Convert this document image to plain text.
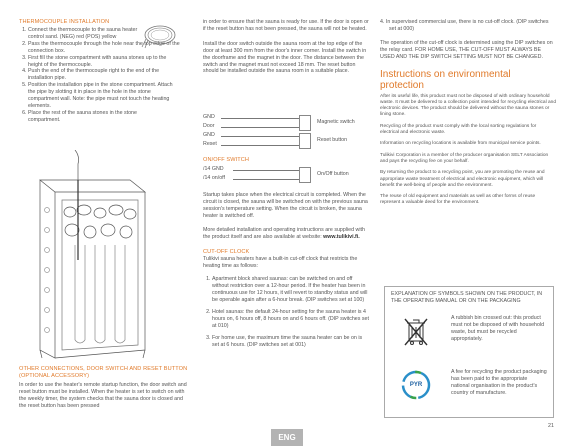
THERMOCOUPLE INSTALLATION
1. Connect the thermocouple to the sauna heater control sand. (NEG) red (POS) yellow
2. Pass the thermocouple through the hole near the top edge of the connection box.
3. First fill the stone compartment with sauna stones up to the height of the thermocouple.
4. Push the end of the thermocouple right to the end of the installation pipe.
5. Position the installation pipe in the stone compartment. Attach the pipe by slotting it in place in the hole in the stone compartment wall. Note: the pipe must not touch the heating elements.
6. Place the rest of the sauna stones in the stone compartment.
OTHER CONNECTIONS, DOOR SWITCH AND RESET BUTTON (OPTIONAL ACCESSORY)
In order to use the heater's remote startup function, the door switch and reset button must be installed. When the heater is set to switch on with the weekly timer, the system checks that the sauna door is closed and the reset button has been pressed
in order to ensure that the sauna is ready for use. If the door is open or if the reset button has not been pressed, the sauna will not be heated.
Install the door switch outside the sauna room at the top edge of the door at least 300 mm from the door's inner corner. Install the switch in the doorframe and the magnet in the door. The distance between the switch and the magnet must not exceed 18 mm. The reset button should be installed outside the sauna room in a suitable place.
GND
Door
GND
Reset
Magnetic switch
Reset button
ON/OFF SWITCH
/14 GND
/14 on/off
On/Off button
Startup takes place when the electrical circuit is completed. When the circuit is closed, the sauna will be switched on with the previous sauna session's temperature setting. When the circuit is broken, the sauna heater is switched off.
More detailed installation and operating instructions are supplied with the product itself and are also available at website: www.tulikivi.fi.
CUT-OFF CLOCK
Tulikivi sauna heaters have a built-in cut-off clock that restricts the heating time as follows:
1. Apartment block shared saunas: can be switched on and off without restriction over a 12-hour period. If the heater has been in continuous use for 12 hours, it will revert to standby status and will be operable again after a 6-hour break. (DIP switches set at 100)
2. Hotel saunas: the default 24-hour setting for the sauna heater is 4 hours on, 6 hours off, 8 hours on and 6 hours off. (DIP switches set at 010)
3. For home use, the maximum time the sauna heater can be on is set at 6 hours. (DIP switches set at 001)
4. In supervised commercial use, there is no cut-off clock. (DIP switches set at 000)
The operation of the cut-off clock is determined using the DIP switches on the relay card. FOR HOME USE, THE CUT-OFF MUST ALWAYS BE USED AND THE DIP SWITCH SETTING MUST NOT BE CHANGED.
Instructions on environmental protection
After its useful life, this product must not be disposed of with ordinary household waste. It must be delivered to a collection point intended for recycling electrical and electronic devices. The product should be delivered without the sauna stones or lining stone.
Recycling of the product must comply with the local sorting regulations for electrical and electronic waste.
Information on recycling locations is available from municipal service points.
Tulikivi Corporation is a member of the producer organisation SELT Association and pays the recycling fee on your behalf.
By returning the product to a recycling point, you are promoting the reuse and appropriate waste treatment of electrical and electronic equipment, which will benefit the well-being of people and the environment.
The reuse of old equipment and materials as well as other forms of reuse represent a valuable deed for the environment.
EXPLANATION OF SYMBOLS SHOWN ON THE PRODUCT, IN THE OPERATING MANUAL OR ON THE PACKAGING
A rubbish bin crossed out: this product must not be disposed of with household waste, but must be recycled appropriately.
PYR
A fee for recycling the product packaging has been paid to the appropriate national organisation in the product's country of manufacture.
21
ENG
